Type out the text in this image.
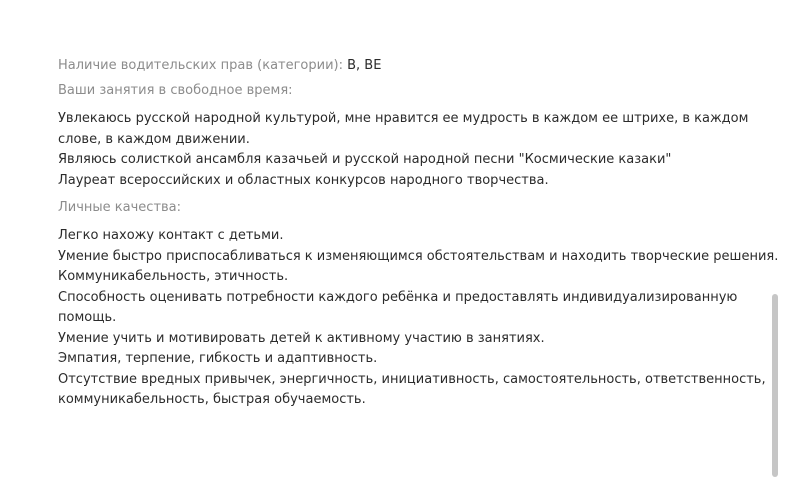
Наличие водительских прав (категории): B, BE
Ваши занятия в свободное время:
Увлекаюсь русской народной культурой, мне нравится ее мудрость в каждом ее штрихе, в каждом
слове, в каждом движении.
Являюсь солисткой ансамбля казачьей и русской народной песни "Космические казаки"
Лауреат всероссийских и областных конкурсов народного творчества.
Личные качества:
Легко нахожу контакт с детьми.
Умение быстро приспосабливаться к изменяющимся обстоятельствам и находить творческие решения.
Коммуникабельность, этичность.
Способность оценивать потребности каждого ребёнка и предоставлять индивидуализированную
помощь.
Умение учить и мотивировать детей к активному участию в занятиях.
Эмпатия, терпение, гибкость и адаптивность.
Отсутствие вредных привычек, энергичность, инициативность, самостоятельность, ответственность,
коммуникабельность, быстрая обучаемость.
